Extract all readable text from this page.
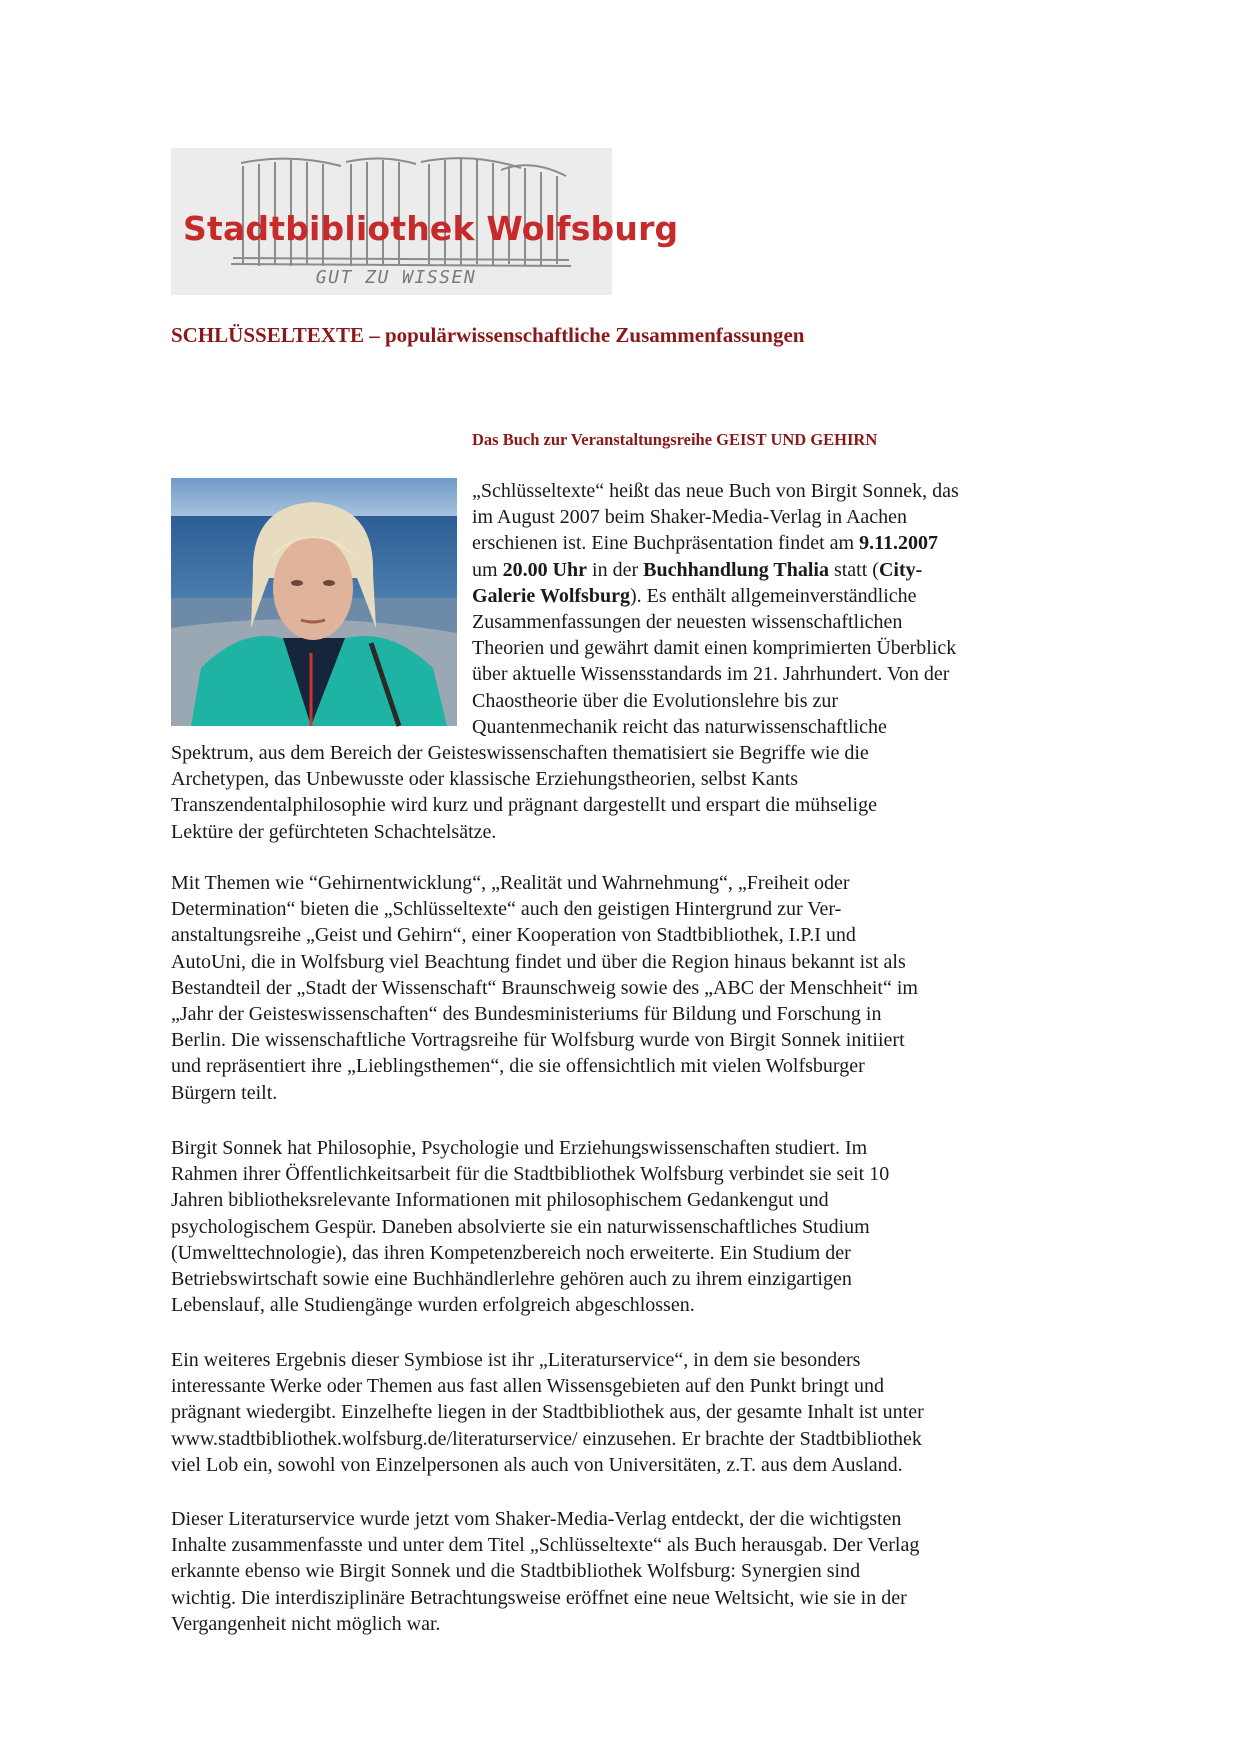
Stadtbibliothek Wolfsburg
GUT ZU WISSEN
SCHLÜSSELTEXTE – populärwissenschaftliche Zusammenfassungen
Das Buch zur Veranstaltungsreihe GEIST UND GEHIRN
„Schlüsseltexte“ heißt das neue Buch von Birgit Sonnek, das
im August 2007 beim Shaker-Media-Verlag in Aachen
erschienen ist. Eine Buchpräsentation findet am 9.11.2007
um 20.00 Uhr in der Buchhandlung Thalia statt (City-
Galerie Wolfsburg). Es enthält allgemeinverständliche
Zusammenfassungen der neuesten wissenschaftlichen
Theorien und gewährt damit einen komprimierten Überblick
über aktuelle Wissensstandards im 21. Jahrhundert. Von der
Chaostheorie über die Evolutionslehre bis zur
Quantenmechanik reicht das naturwissenschaftliche
Spektrum, aus dem Bereich der Geisteswissenschaften thematisiert sie Begriffe wie die
Archetypen, das Unbewusste oder klassische Erziehungstheorien, selbst Kants
Transzendentalphilosophie wird kurz und prägnant dargestellt und erspart die mühselige
Lektüre der gefürchteten Schachtelsätze.
Mit Themen wie “Gehirnentwicklung“, „Realität und Wahrnehmung“, „Freiheit oder
Determination“ bieten die „Schlüsseltexte“ auch den geistigen Hintergrund zur Ver-
anstaltungsreihe „Geist und Gehirn“, einer Kooperation von Stadtbibliothek, I.P.I und
AutoUni, die in Wolfsburg viel Beachtung findet und über die Region hinaus bekannt ist als
Bestandteil der „Stadt der Wissenschaft“ Braunschweig sowie des „ABC der Menschheit“ im
„Jahr der Geisteswissenschaften“ des Bundesministeriums für Bildung und Forschung in
Berlin. Die wissenschaftliche Vortragsreihe für Wolfsburg wurde von Birgit Sonnek initiiert
und repräsentiert ihre „Lieblingsthemen“, die sie offensichtlich mit vielen Wolfsburger
Bürgern teilt.
Birgit Sonnek hat Philosophie, Psychologie und Erziehungswissenschaften studiert. Im
Rahmen ihrer Öffentlichkeitsarbeit für die Stadtbibliothek Wolfsburg verbindet sie seit 10
Jahren bibliotheksrelevante Informationen mit philosophischem Gedankengut und
psychologischem Gespür. Daneben absolvierte sie ein naturwissenschaftliches Studium
(Umwelttechnologie), das ihren Kompetenzbereich noch erweiterte. Ein Studium der
Betriebswirtschaft sowie eine Buchhändlerlehre gehören auch zu ihrem einzigartigen
Lebenslauf, alle Studiengänge wurden erfolgreich abgeschlossen.
Ein weiteres Ergebnis dieser Symbiose ist ihr „Literaturservice“, in dem sie besonders
interessante Werke oder Themen aus fast allen Wissensgebieten auf den Punkt bringt und
prägnant wiedergibt. Einzelhefte liegen in der Stadtbibliothek aus, der gesamte Inhalt ist unter
www.stadtbibliothek.wolfsburg.de/literaturservice/ einzusehen. Er brachte der Stadtbibliothek
viel Lob ein, sowohl von Einzelpersonen als auch von Universitäten, z.T. aus dem Ausland.
Dieser Literaturservice wurde jetzt vom Shaker-Media-Verlag entdeckt, der die wichtigsten
Inhalte zusammenfasste und unter dem Titel „Schlüsseltexte“ als Buch herausgab. Der Verlag
erkannte ebenso wie Birgit Sonnek und die Stadtbibliothek Wolfsburg: Synergien sind
wichtig. Die interdisziplinäre Betrachtungsweise eröffnet eine neue Weltsicht, wie sie in der
Vergangenheit nicht möglich war.
